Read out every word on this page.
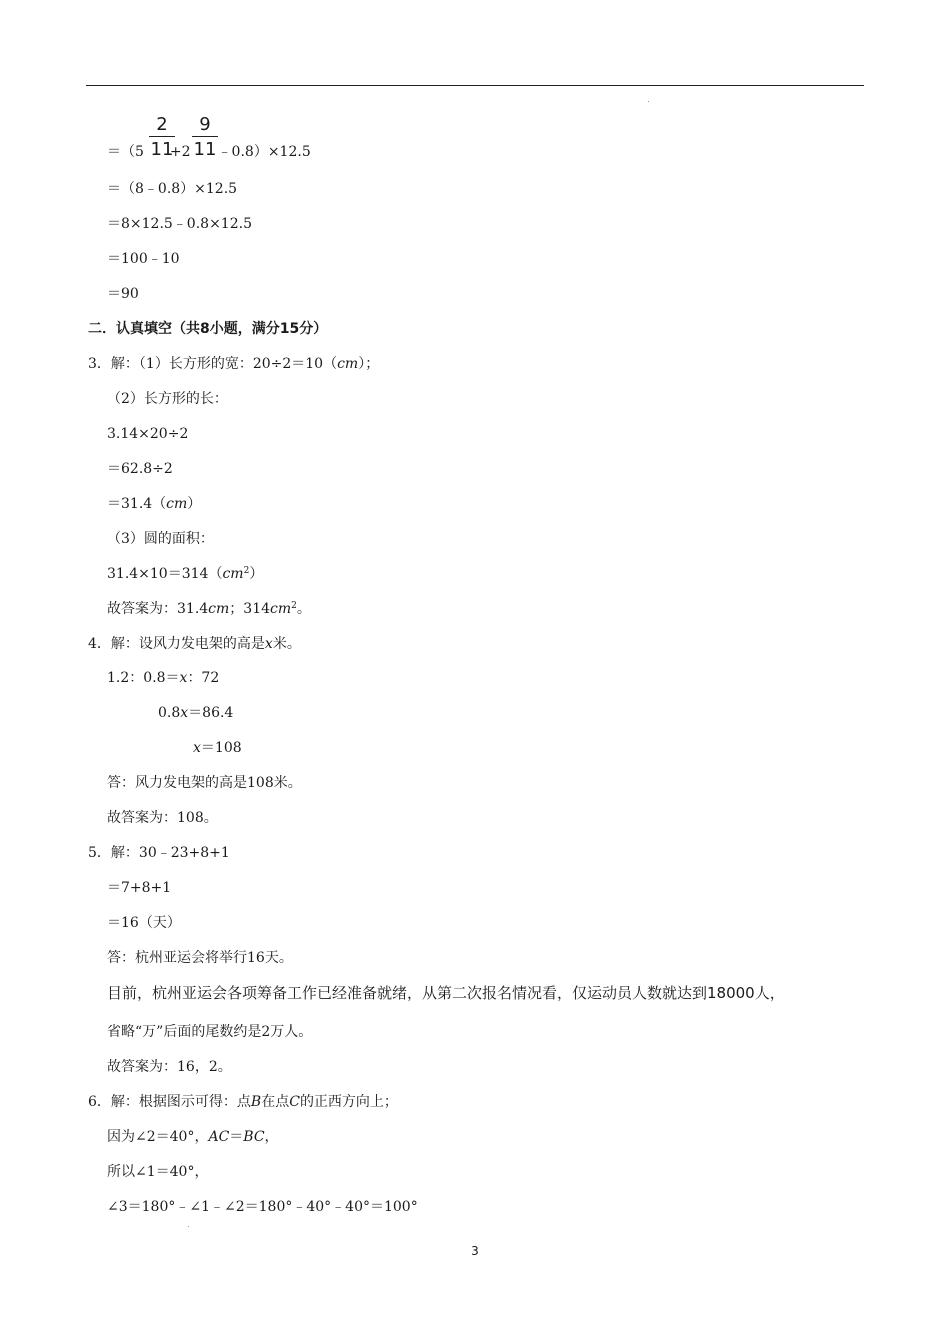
2
11
9
11
＝（5 +2 ﹣0.8）×12.5
＝（8﹣0.8）×12.5
＝8×12.5﹣0.8×12.5
＝100﹣10
＝90
二．认真填空（共8小题，满分15分）
3．解：（1）长方形的宽：20÷2＝10（cm）；
（2）长方形的长：
3.14×20÷2
＝62.8÷2
＝31.4（cm）
（3）圆的面积：
$31.4\times 10=314(cm^2)$
故答案为：31.4cm；$314cm^2$。
4．解：设风力发电架的高是x米。
1.2：0.8＝x：72
0.8x＝86.4
x＝108
答：风力发电架的高是108米。
故答案为：108。
5．解：30﹣23+8+1
＝7+8+1
＝16（天）
答：杭州亚运会将举行16天。
目前，杭州亚运会各项筹备工作已经准备就绪，从第二次报名情况看，仅运动员人数就达到18000人，
省略“万”后面的尾数约是2万人。
故答案为：16，2。
6．解：根据图示可得：点B在点C的正西方向上；
因为∠2＝40°，AC＝BC，
所以∠1＝40°，
∠3＝180°﹣∠1﹣∠2＝180°﹣40°﹣40°＝100°
3
